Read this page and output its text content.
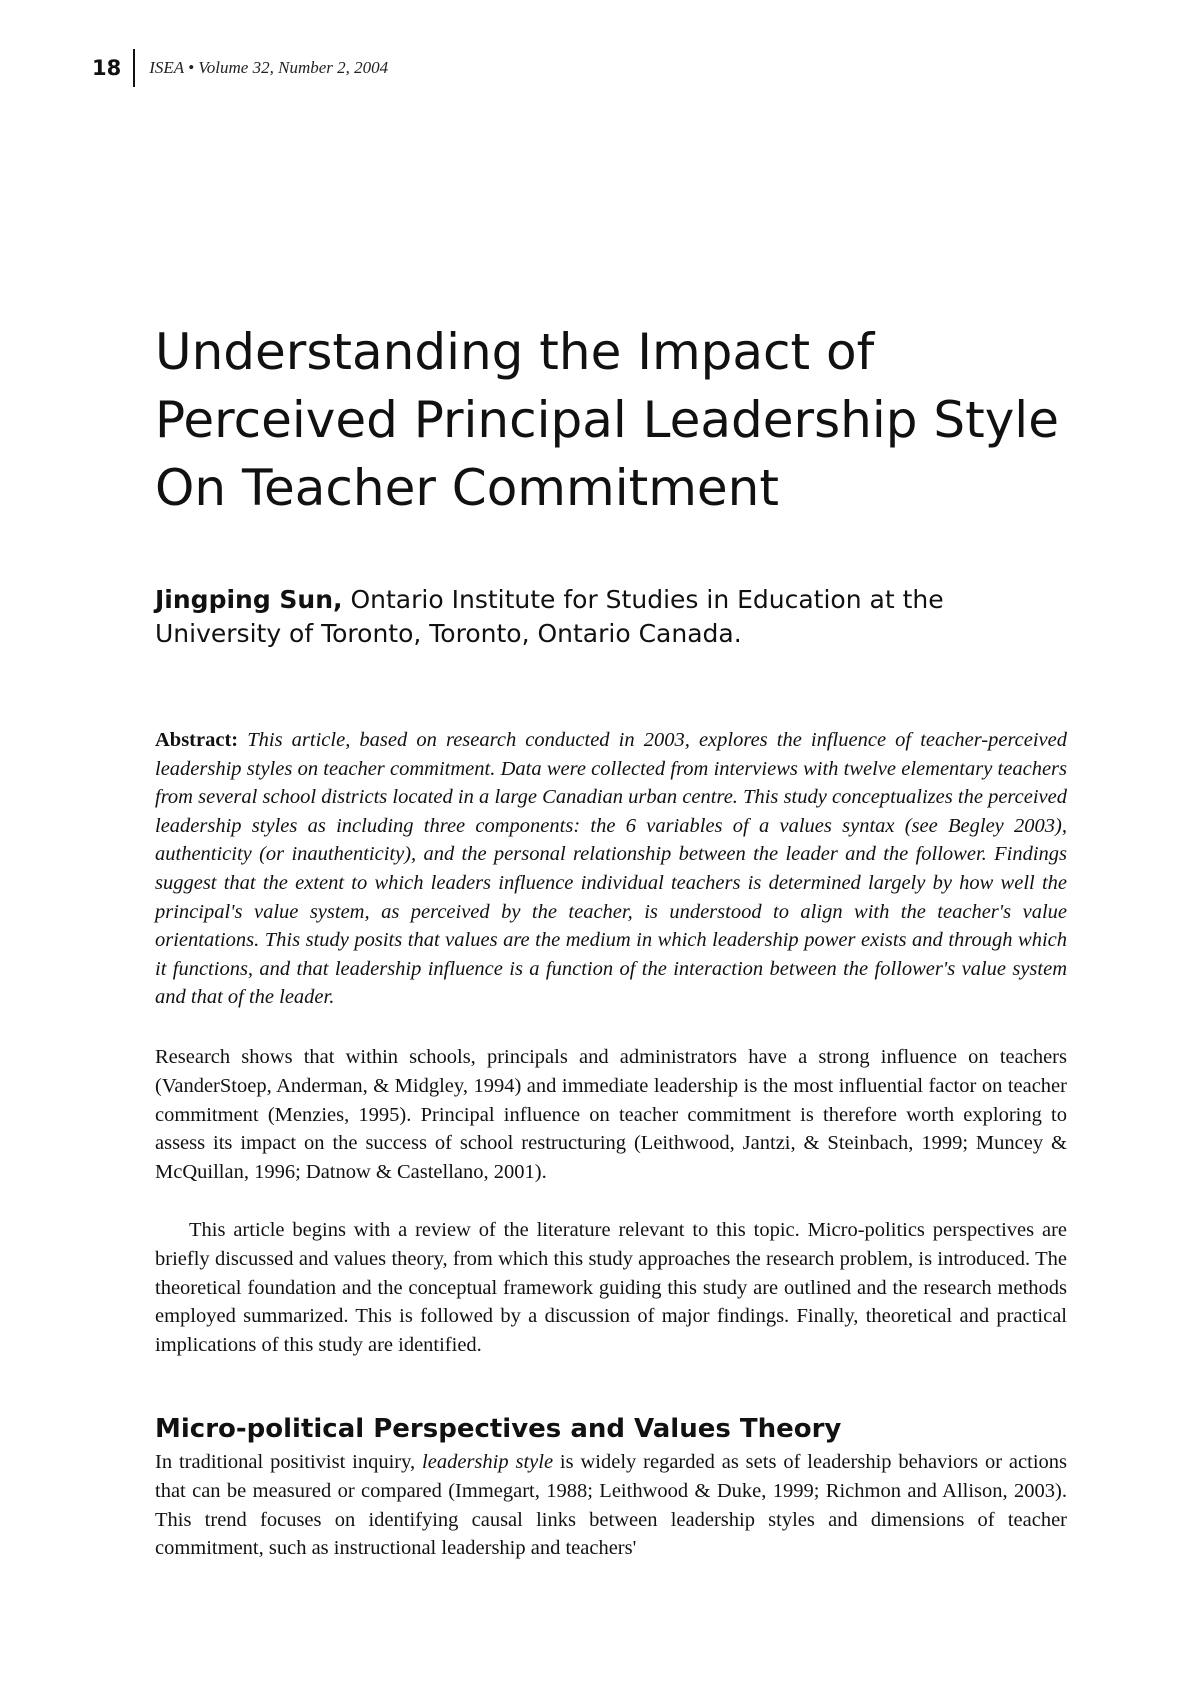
18 ISEA • Volume 32, Number 2, 2004
Understanding the Impact of
Perceived Principal Leadership Style
On Teacher Commitment
Jingping Sun, Ontario Institute for Studies in Education at the University of Toronto, Toronto, Ontario Canada.
Abstract: This article, based on research conducted in 2003, explores the influence of teacher-perceived leadership styles on teacher commitment. Data were collected from interviews with twelve elementary teachers from several school districts located in a large Canadian urban centre. This study conceptualizes the perceived leadership styles as including three components: the 6 variables of a values syntax (see Begley 2003), authenticity (or inauthenticity), and the personal relationship between the leader and the follower. Findings suggest that the extent to which leaders influence individual teachers is determined largely by how well the principal's value system, as perceived by the teacher, is understood to align with the teacher's value orientations. This study posits that values are the medium in which leadership power exists and through which it functions, and that leadership influence is a function of the interaction between the follower's value system and that of the leader.

Research shows that within schools, principals and administrators have a strong influence on teachers (VanderStoep, Anderman, & Midgley, 1994) and immediate leadership is the most influential factor on teacher commitment (Menzies, 1995). Principal influence on teacher commitment is therefore worth exploring to assess its impact on the success of school restructuring (Leithwood, Jantzi, & Steinbach, 1999; Muncey & McQuillan, 1996; Datnow & Castellano, 2001).

This article begins with a review of the literature relevant to this topic. Micro-politics perspectives are briefly discussed and values theory, from which this study approaches the research problem, is introduced. The theoretical foundation and the conceptual framework guiding this study are outlined and the research methods employed summarized. This is followed by a discussion of major findings. Finally, theoretical and practical implications of this study are identified.

Micro-political Perspectives and Values Theory

In traditional positivist inquiry, leadership style is widely regarded as sets of leadership behaviors or actions that can be measured or compared (Immegart, 1988; Leithwood & Duke, 1999; Richmon and Allison, 2003). This trend focuses on identifying causal links between leadership styles and dimensions of teacher commitment, such as instructional leadership and teachers'
